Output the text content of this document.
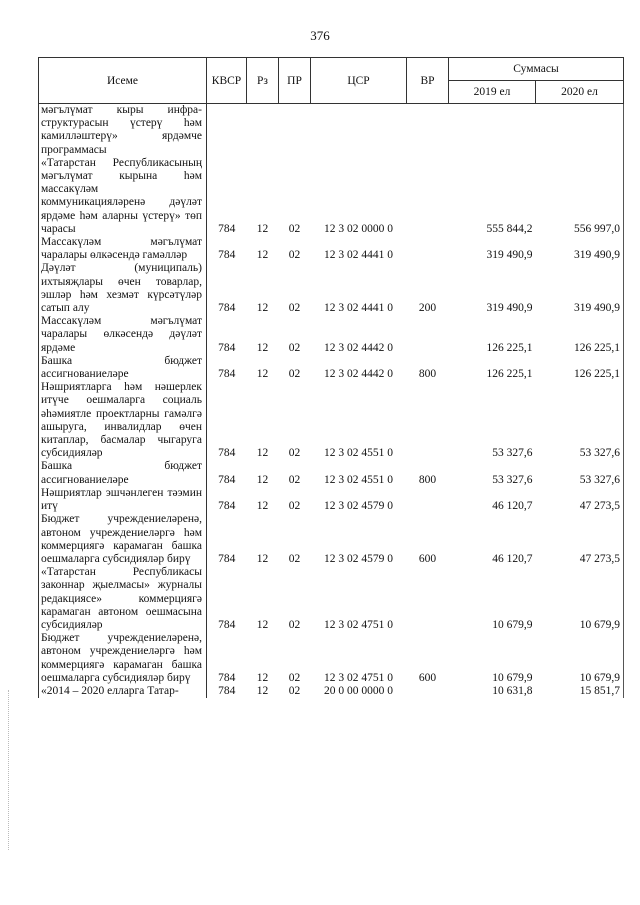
376
Исеме	КВСР	Рз	ПР	ЦСР	ВР	Суммасы	
						2019 ел	2020 ел
мәгълүмат кыры инфра-структурасын үстерү һәм камилләштерү» ярдәмче программасы							
«Татарстан Республикасының мәгълүмат кырына һәм массакүләм коммуникацияләренә дәүләт ярдәме һәм аларны үстерү» төп чарасы	784	12	02	12 3 02 0000 0		555 844,2	556 997,0
Массакүләм мәгълүмат чаралары өлкәсендә гамәлләр	784	12	02	12 3 02 4441 0		319 490,9	319 490,9
Дәүләт (муниципаль) ихтыяҗлары өчен товарлар, эшләр һәм хезмәт күрсәтүләр сатып алу	784	12	02	12 3 02 4441 0	200	319 490,9	319 490,9
Массакүләм мәгълүмат чаралары өлкәсендә дәүләт ярдәме	784	12	02	12 3 02 4442 0		126 225,1	126 225,1
Башка бюджет ассигнованиеләре	784	12	02	12 3 02 4442 0	800	126 225,1	126 225,1
Нәшриятларга һәм нәшерлек итүче оешмаларга социаль әһәмиятле проектларны гамәлгә ашыруга, инвалидлар өчен китаплар, басмалар чыгаруга субсидияләр	784	12	02	12 3 02 4551 0		53 327,6	53 327,6
Башка бюджет ассигнованиеләре	784	12	02	12 3 02 4551 0	800	53 327,6	53 327,6
Нәшриятлар эшчәнлеген тәэмин итү	784	12	02	12 3 02 4579 0		46 120,7	47 273,5
Бюджет учреждениеләренә, автоном учреждениеләргә һәм коммерциягә карамаган башка оешмаларга субсидияләр бирү	784	12	02	12 3 02 4579 0	600	46 120,7	47 273,5
«Татарстан Республикасы законнар җыелмасы» журналы редакциясе» коммерциягә карамаган автоном оешмасына субсидияләр	784	12	02	12 3 02 4751 0		10 679,9	10 679,9
Бюджет учреждениеләренә, автоном учреждениеләргә һәм коммерциягә карамаган башка оешмаларга субсидияләр бирү	784	12	02	12 3 02 4751 0	600	10 679,9	10 679,9
«2014 – 2020 елларга Татар-	784	12	02	20 0 00 0000 0		10 631,8	15 851,7
